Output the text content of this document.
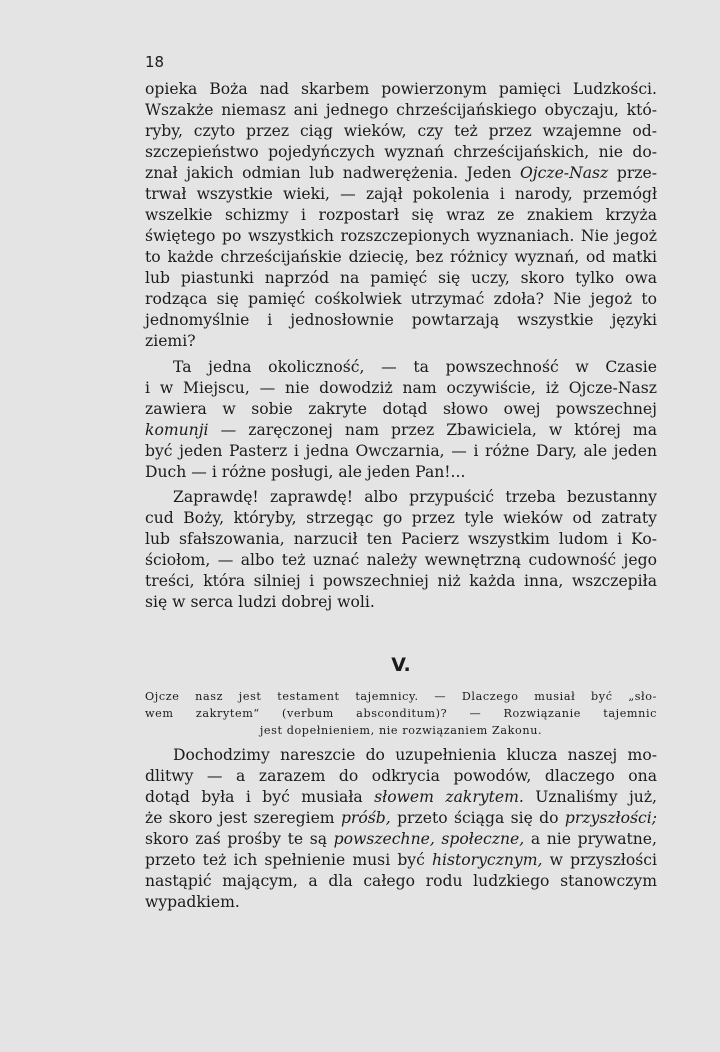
18
opieka Boża nad skarbem powierzonym pamięci Ludzkości.
Wszakże niemasz ani jednego chrześcijańskiego obyczaju, któ-
ryby, czyto przez ciąg wieków, czy też przez wzajemne od-
szczepieństwo pojedyńczych wyznań chrześcijańskich, nie do-
znał jakich odmian lub nadwerężenia. Jeden Ojcze-Nasz prze-
trwał wszystkie wieki, — zajął pokolenia i narody, przemógł
wszelkie schizmy i rozpostarł się wraz ze znakiem krzyża
świętego po wszystkich rozszczepionych wyznaniach. Nie jegoż
to każde chrześcijańskie dziecię, bez różnicy wyznań, od matki
lub piastunki naprzód na pamięć się uczy, skoro tylko owa
rodząca się pamięć cośkolwiek utrzymać zdoła? Nie jegoż to
jednomyślnie i jednosłownie powtarzają wszystkie języki
ziemi?
Ta jedna okoliczność, — ta powszechność w Czasie
i w Miejscu, — nie dowodziż nam oczywiście, iż Ojcze-Nasz
zawiera w sobie zakryte dotąd słowo owej powszechnej
komunji — zaręczonej nam przez Zbawiciela, w której ma
być jeden Pasterz i jedna Owczarnia, — i różne Dary, ale jeden
Duch — i różne posługi, ale jeden Pan!...
Zaprawdę! zaprawdę! albo przypuścić trzeba bezustanny
cud Boży, któryby, strzegąc go przez tyle wieków od zatraty
lub sfałszowania, narzucił ten Pacierz wszystkim ludom i Ko-
ściołom, — albo też uznać należy wewnętrzną cudowność jego
treści, która silniej i powszechniej niż każda inna, wszczepiła
się w serca ludzi dobrej woli.
V.
Ojcze nasz jest testament tajemnicy. — Dlaczego musiał być „sło-
wem zakrytem“ (verbum absconditum)? — Rozwiązanie tajemnic
jest dopełnieniem, nie rozwiązaniem Zakonu.
Dochodzimy nareszcie do uzupełnienia klucza naszej mo-
dlitwy — a zarazem do odkrycia powodów, dlaczego ona
dotąd była i być musiała słowem zakrytem. Uznaliśmy już,
że skoro jest szeregiem próśb, przeto ściąga się do przyszłości;
skoro zaś prośby te są powszechne, społeczne, a nie prywatne,
przeto też ich spełnienie musi być historycznym, w przyszłości
nastąpić mającym, a dla całego rodu ludzkiego stanowczym
wypadkiem.
